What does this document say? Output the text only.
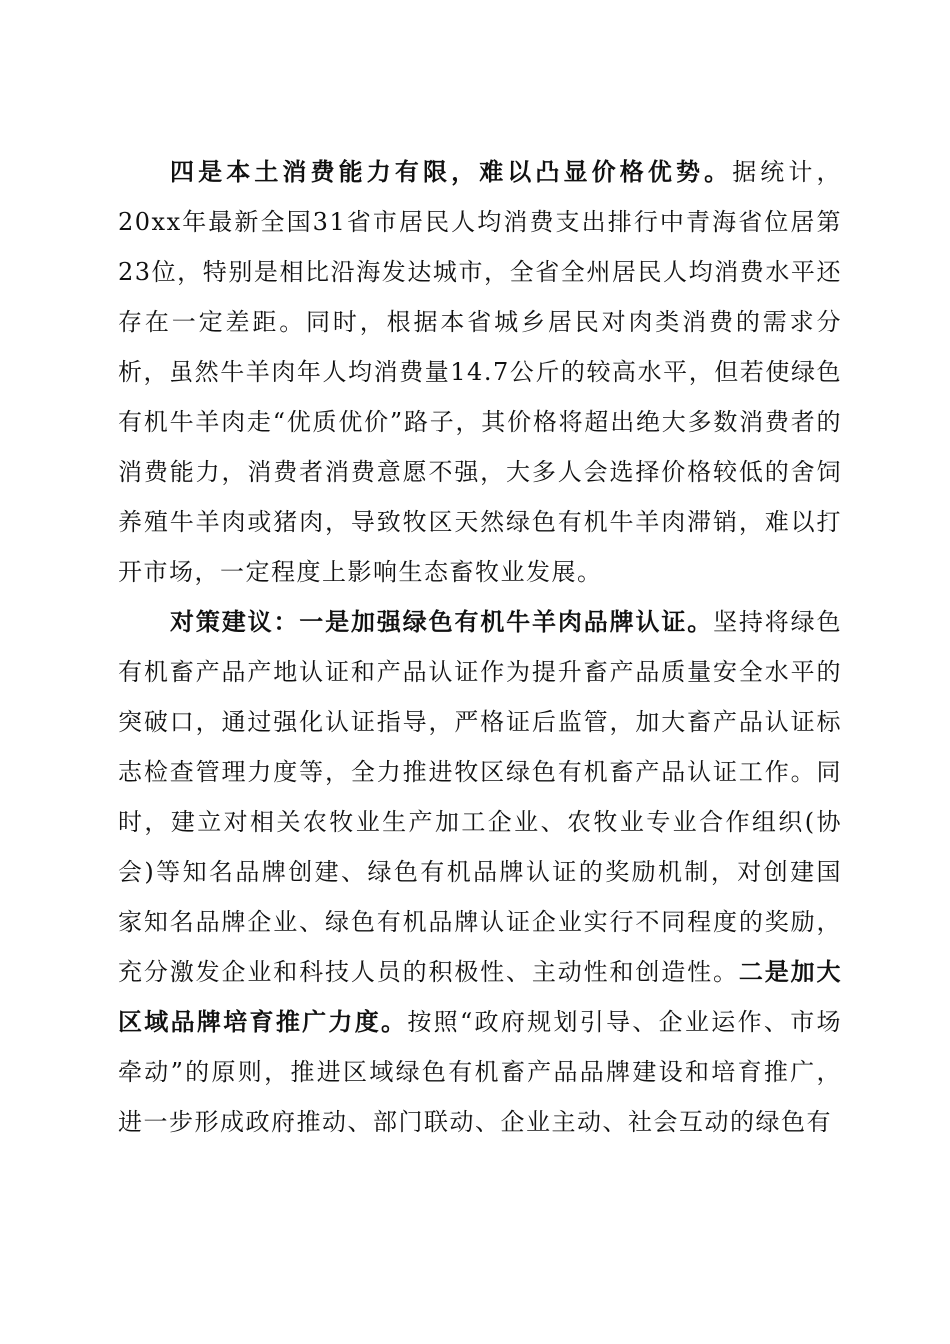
四是本土消费能力有限，难以凸显价格优势。据统计，20xx年最新全国31省市居民人均消费支出排行中青海省位居第23位，特别是相比沿海发达城市，全省全州居民人均消费水平还存在一定差距。同时，根据本省城乡居民对肉类消费的需求分析，虽然牛羊肉年人均消费量14.7公斤的较高水平，但若使绿色有机牛羊肉走“优质优价”路子，其价格将超出绝大多数消费者的消费能力，消费者消费意愿不强，大多人会选择价格较低的舍饲养殖牛羊肉或猪肉，导致牧区天然绿色有机牛羊肉滞销，难以打开市场，一定程度上影响生态畜牧业发展。

对策建议：一是加强绿色有机牛羊肉品牌认证。坚持将绿色有机畜产品产地认证和产品认证作为提升畜产品质量安全水平的突破口，通过强化认证指导，严格证后监管，加大畜产品认证标志检查管理力度等，全力推进牧区绿色有机畜产品认证工作。同时，建立对相关农牧业生产加工企业、农牧业专业合作组织(协会)等知名品牌创建、绿色有机品牌认证的奖励机制，对创建国家知名品牌企业、绿色有机品牌认证企业实行不同程度的奖励，充分激发企业和科技人员的积极性、主动性和创造性。二是加大区域品牌培育推广力度。按照“政府规划引导、企业运作、市场牵动”的原则，推进区域绿色有机畜产品品牌建设和培育推广，进一步形成政府推动、部门联动、企业主动、社会互动的绿色有
